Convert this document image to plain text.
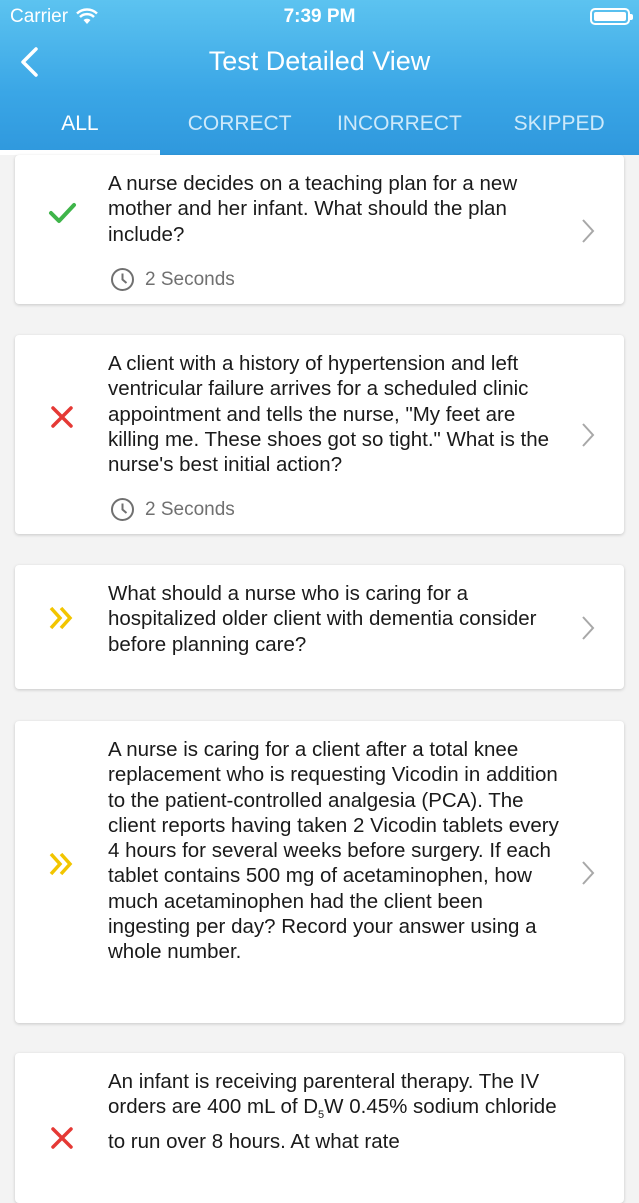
Carrier	7:39 PM
Test Detailed View
ALL	CORRECT	INCORRECT	SKIPPED
A nurse decides on a teaching plan for a new mother and her infant. What should the plan include?
2 Seconds
A client with a history of hypertension and left ventricular failure arrives for a scheduled clinic appointment and tells the nurse, "My feet are killing me. These shoes got so tight." What is the nurse's best initial action?
2 Seconds
What should a nurse who is caring for a hospitalized older client with dementia consider before planning care?
A nurse is caring for a client after a total knee replacement who is requesting Vicodin in addition to the patient-controlled analgesia (PCA). The client reports having taken 2 Vicodin tablets every 4 hours for several weeks before surgery. If each tablet contains 500 mg of acetaminophen, how much acetaminophen had the client been ingesting per day? Record your answer using a whole number.
An infant is receiving parenteral therapy. The IV orders are 400 mL of $D_5W$ 0.45% sodium chloride to run over 8 hours. At what rate
